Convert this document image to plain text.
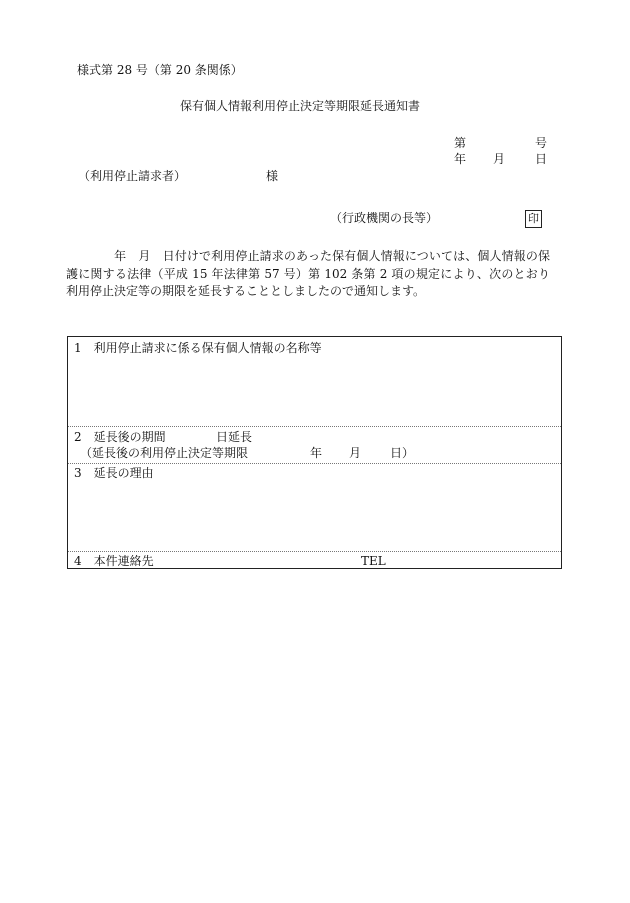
様式第 28 号（第 20 条関係）
保有個人情報利用停止決定等期限延長通知書
第	号
年 月 日
（利用停止請求者）	様
（行政機関の長等）	印
年 月 日付けで利用停止請求のあった保有個人情報については、個人情報の保護に関する法律（平成 15 年法律第 57 号）第 102 条第 2 項の規定により、次のとおり利用停止決定等の期限を延長することとしましたので通知します。
1　利用停止請求に係る保有個人情報の名称等
2　延長後の期間	日延長
（延長後の利用停止決定等期限	年 月 日）
3　延長の理由
4　本件連絡先	TEL
